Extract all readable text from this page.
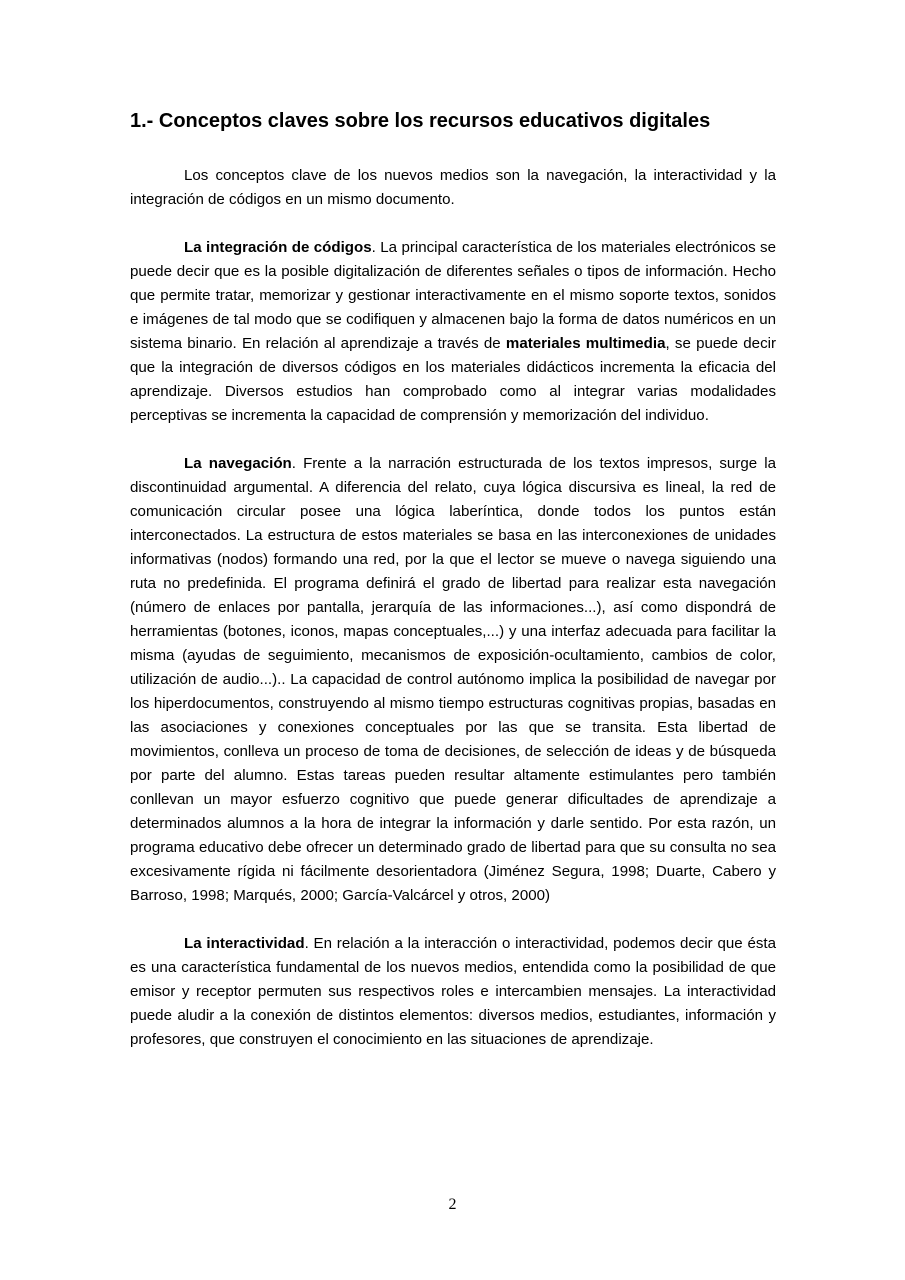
1.- Conceptos claves sobre los recursos educativos digitales

Los conceptos clave de los nuevos medios son la navegación, la interactividad y la integración de códigos en un mismo documento.

La integración de códigos. La principal característica de los materiales electrónicos se puede decir que es la posible digitalización de diferentes señales o tipos de información. Hecho que permite tratar, memorizar y gestionar interactivamente en el mismo soporte textos, sonidos e imágenes de tal modo que se codifiquen y almacenen bajo la forma de datos numéricos en un sistema binario. En relación al aprendizaje a través de materiales multimedia, se puede decir que la integración de diversos códigos en los materiales didácticos incrementa la eficacia del aprendizaje. Diversos estudios han comprobado como al integrar varias modalidades perceptivas se incrementa la capacidad de comprensión y memorización del individuo.

La navegación. Frente a la narración estructurada de los textos impresos, surge la discontinuidad argumental. A diferencia del relato, cuya lógica discursiva es lineal, la red de comunicación circular posee una lógica laberíntica, donde todos los puntos están interconectados. La estructura de estos materiales se basa en las interconexiones de unidades informativas (nodos) formando una red, por la que el lector se mueve o navega siguiendo una ruta no predefinida. El programa definirá el grado de libertad para realizar esta navegación (número de enlaces por pantalla, jerarquía de las informaciones...), así como dispondrá de herramientas (botones, iconos, mapas conceptuales,...) y una interfaz adecuada para facilitar la misma (ayudas de seguimiento, mecanismos de exposición-ocultamiento, cambios de color, utilización de audio...).. La capacidad de control autónomo implica la posibilidad de navegar por los hiperdocumentos, construyendo al mismo tiempo estructuras cognitivas propias, basadas en las asociaciones y conexiones conceptuales por las que se transita. Esta libertad de movimientos, conlleva un proceso de toma de decisiones, de selección de ideas y de búsqueda por parte del alumno. Estas tareas pueden resultar altamente estimulantes pero también conllevan un mayor esfuerzo cognitivo que puede generar dificultades de aprendizaje a determinados alumnos a la hora de integrar la información y darle sentido. Por esta razón, un programa educativo debe ofrecer un determinado grado de libertad para que su consulta no sea excesivamente rígida ni fácilmente desorientadora (Jiménez Segura, 1998; Duarte, Cabero y Barroso, 1998; Marqués, 2000; García-Valcárcel y otros, 2000)

La interactividad. En relación a la interacción o interactividad, podemos decir que ésta es una característica fundamental de los nuevos medios, entendida como la posibilidad de que emisor y receptor permuten sus respectivos roles e intercambien mensajes. La interactividad puede aludir a la conexión de distintos elementos: diversos medios, estudiantes, información y profesores, que construyen el conocimiento en las situaciones de aprendizaje.

2
